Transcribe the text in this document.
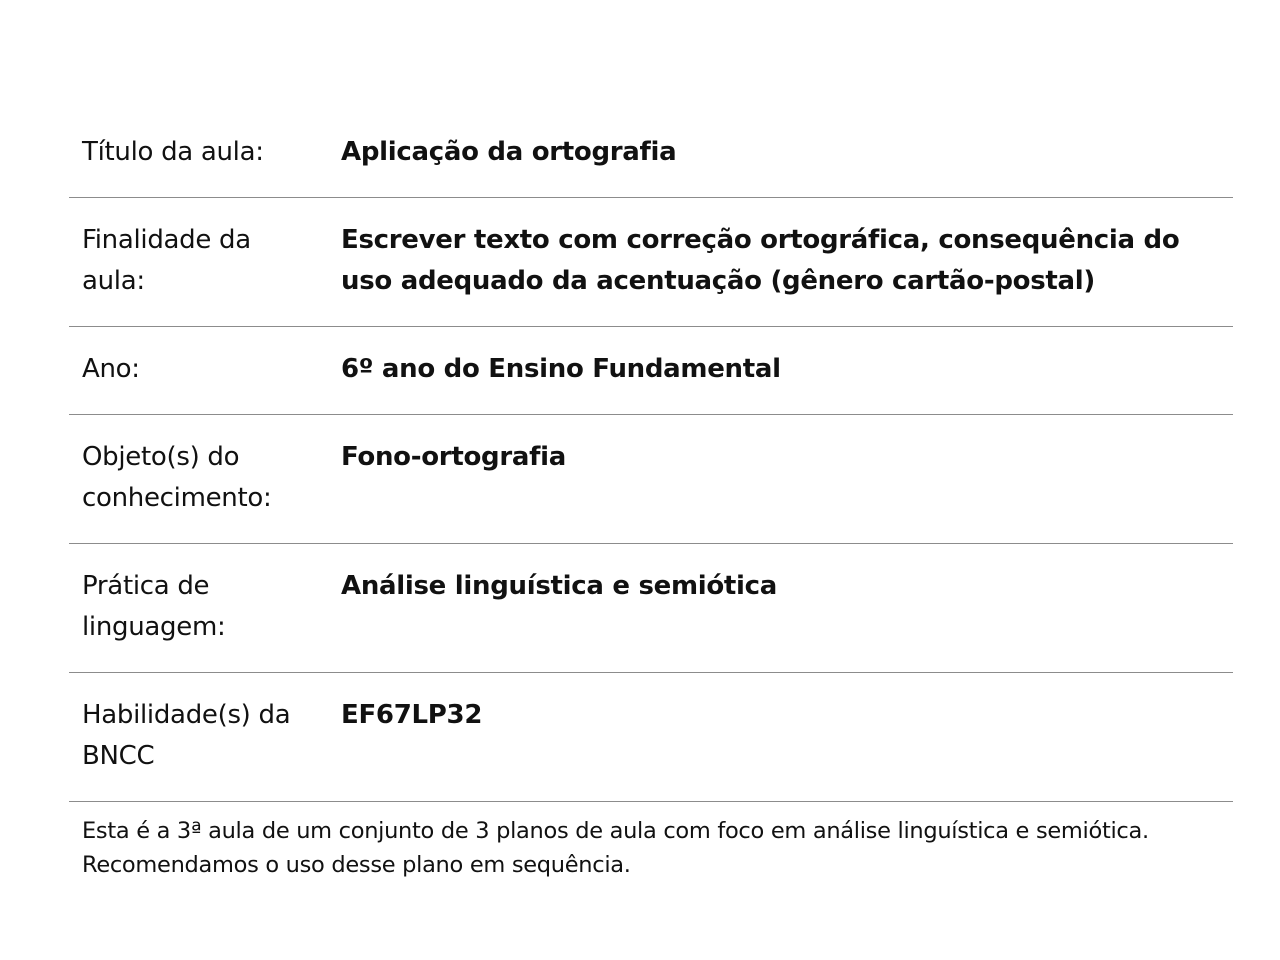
Título da aula:	Aplicação da ortografia
Finalidade da aula:	Escrever texto com correção ortográfica, consequência do uso adequado da acentuação (gênero cartão-postal)
Ano:	6º ano do Ensino Fundamental
Objeto(s) do conhecimento:	Fono-ortografia
Prática de linguagem:	Análise linguística e semiótica
Habilidade(s) da BNCC	EF67LP32
Esta é a 3ª aula de um conjunto de 3 planos de aula com foco em análise linguística e semiótica.
Recomendamos o uso desse plano em sequência.
